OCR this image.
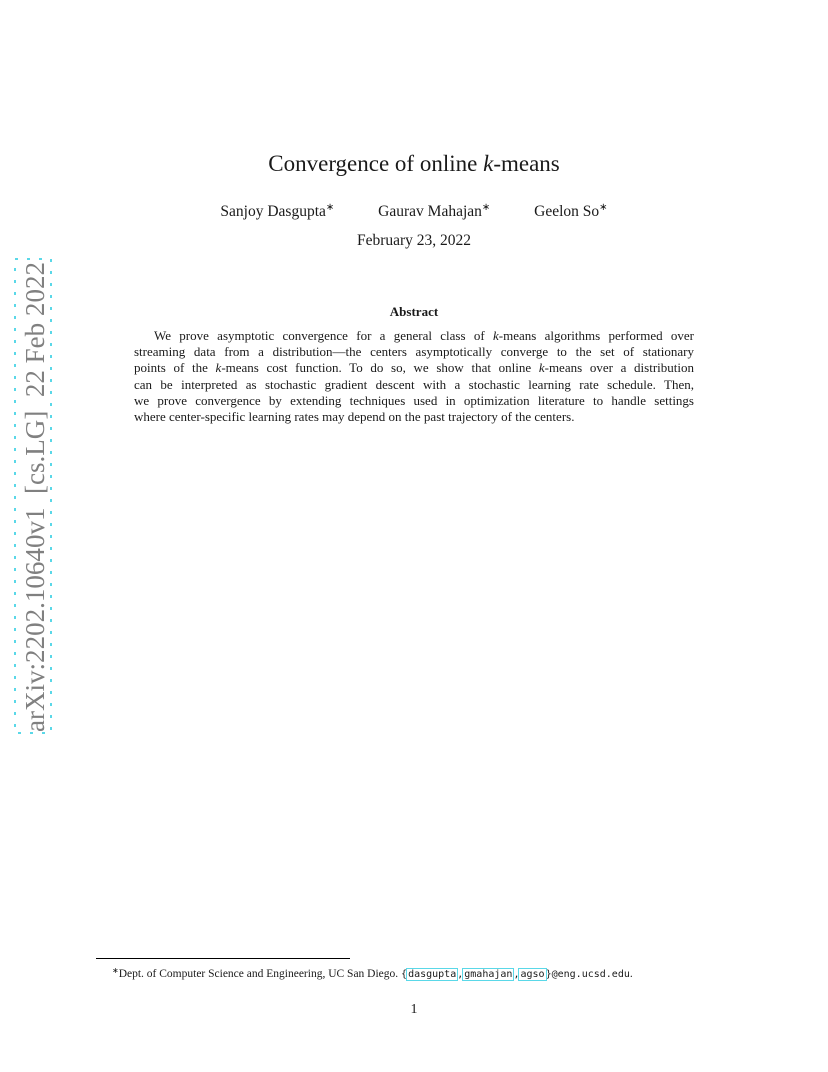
arXiv:2202.10640v1  [cs.LG]  22 Feb 2022
Convergence of online k-means
Sanjoy Dasgupta∗	Gaurav Mahajan∗	Geelon So∗
February 23, 2022
Abstract
We prove asymptotic convergence for a general class of k-means algorithms performed over
streaming data from a distribution—the centers asymptotically converge to the set of stationary
points of the k-means cost function. To do so, we show that online k-means over a distribution
can be interpreted as stochastic gradient descent with a stochastic learning rate schedule. Then,
we prove convergence by extending techniques used in optimization literature to handle settings
where center-specific learning rates may depend on the past trajectory of the centers.
∗Dept. of Computer Science and Engineering, UC San Diego. {dasgupta,gmahajan,agso}@eng.ucsd.edu.
1
